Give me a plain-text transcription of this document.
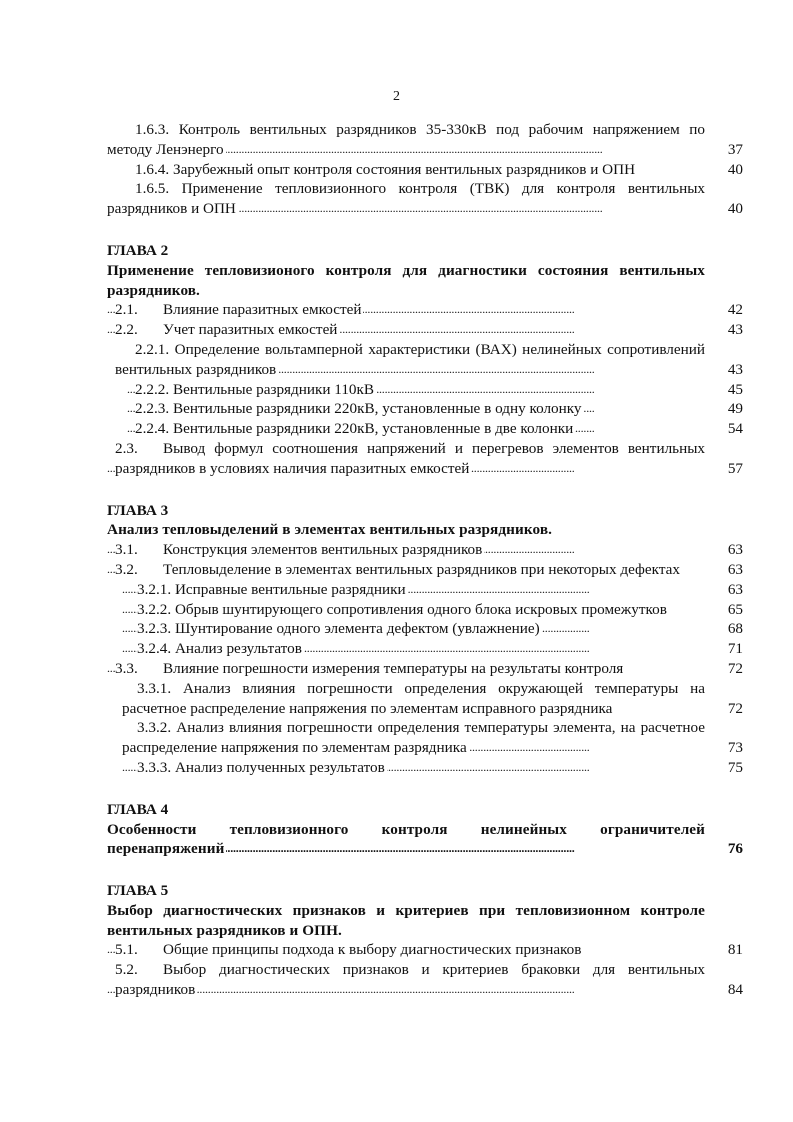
2
. . . 1.6.3. Контроль вентильных разрядников 35-330кВ под рабочим напряжением по методу Ленэнерго	37
. . . 1.6.4. Зарубежный опыт контроля состояния вентильных разрядников и ОПН	40
. . . 1.6.5. Применение тепловизионного контроля (ТВК) для контроля вентильных разрядников и ОПН	40
ГЛАВА 2
Применение тепловизионого контроля для диагностики состояния вентильных разрядников.
. . . 2.1. Влияние паразитных емкостей	42
. . . 2.2. Учет паразитных емкостей	43
. . . 2.2.1. Определение вольтамперной характеристики (ВАХ) нелинейных сопротивлений вентильных разрядников	43
. . . 2.2.2. Вентильные разрядники 110кВ	45
. . . 2.2.3. Вентильные разрядники 220кВ, установленные в одну колонку	49
. . . 2.2.4. Вентильные разрядники 220кВ, установленные в две колонки	54
. . . 2.3. Вывод формул соотношения напряжений и перегревов элементов вентильных разрядников в условиях наличия паразитных емкостей	57
ГЛАВА 3
Анализ тепловыделений в элементах вентильных разрядников.
. . . 3.1. Конструкция элементов вентильных разрядников	63
. . . 3.2. Тепловыделение в элементах вентильных разрядников при некоторых дефектах	63
. . . 3.2.1. Исправные вентильные разрядники	63
. . . 3.2.2. Обрыв шунтирующего сопротивления одного блока искровых промежутков	65
. . . 3.2.3. Шунтирование одного элемента дефектом (увлажнение)	68
. . . 3.2.4. Анализ результатов	71
. . . 3.3. Влияние погрешности измерения температуры на результаты контроля	72
. . . 3.3.1. Анализ влияния погрешности определения окружающей температуры на расчетное распределение напряжения по элементам исправного разрядника	72
. . . 3.3.2. Анализ влияния погрешности определения температуры элемента, на расчетное распределение напряжения по элементам разрядника	73
. . . 3.3.3. Анализ полученных результатов	75
ГЛАВА 4
. . . Особенности тепловизионного контроля нелинейных ограничителей перенапряжений	76
ГЛАВА 5
Выбор диагностических признаков и критериев при тепловизионном контроле вентильных разрядников и ОПН.
. . . 5.1. Общие принципы подхода к выбору диагностических признаков	81
. . . 5.2. Выбор диагностических признаков и критериев браковки для вентильных разрядников	84
